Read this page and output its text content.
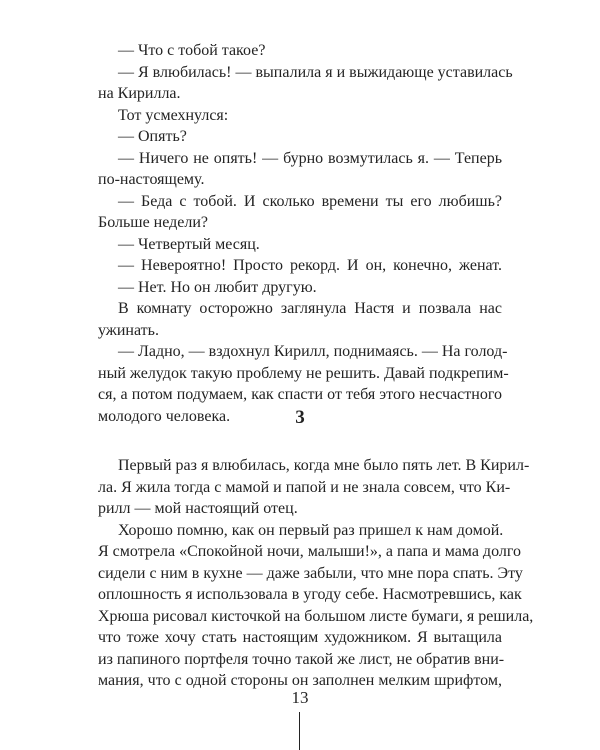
— Что с тобой такое?
— Я влюбилась! — выпалила я и выжидающе уставилась
на Кирилла.
Тот усмехнулся:
— Опять?
— Ничего не опять! — бурно возмутилась я. — Теперь
по-настоящему.
— Беда с тобой. И сколько времени ты его любишь?
Больше недели?
— Четвертый месяц.
— Невероятно! Просто рекорд. И он, конечно, женат.
— Нет. Но он любит другую.
В комнату осторожно заглянула Настя и позвала нас
ужинать.
— Ладно, — вздохнул Кирилл, поднимаясь. — На голод-
ный желудок такую проблему не решить. Давай подкрепим-
ся, а потом подумаем, как спасти от тебя этого несчастного
молодого человека.	3
Первый раз я влюбилась, когда мне было пять лет. В Кирил-
ла. Я жила тогда с мамой и папой и не знала совсем, что Ки-
рилл — мой настоящий отец.
Хорошо помню, как он первый раз пришел к нам домой.
Я смотрела «Спокойной ночи, малыши!», а папа и мама долго
сидели с ним в кухне — даже забыли, что мне пора спать. Эту
оплошность я использовала в угоду себе. Насмотревшись, как
Хрюша рисовал кисточкой на большом листе бумаги, я решила,
что тоже хочу стать настоящим художником. Я вытащила
из папиного портфеля точно такой же лист, не обратив вни-
мания, что с одной стороны он заполнен мелким шрифтом,
13
